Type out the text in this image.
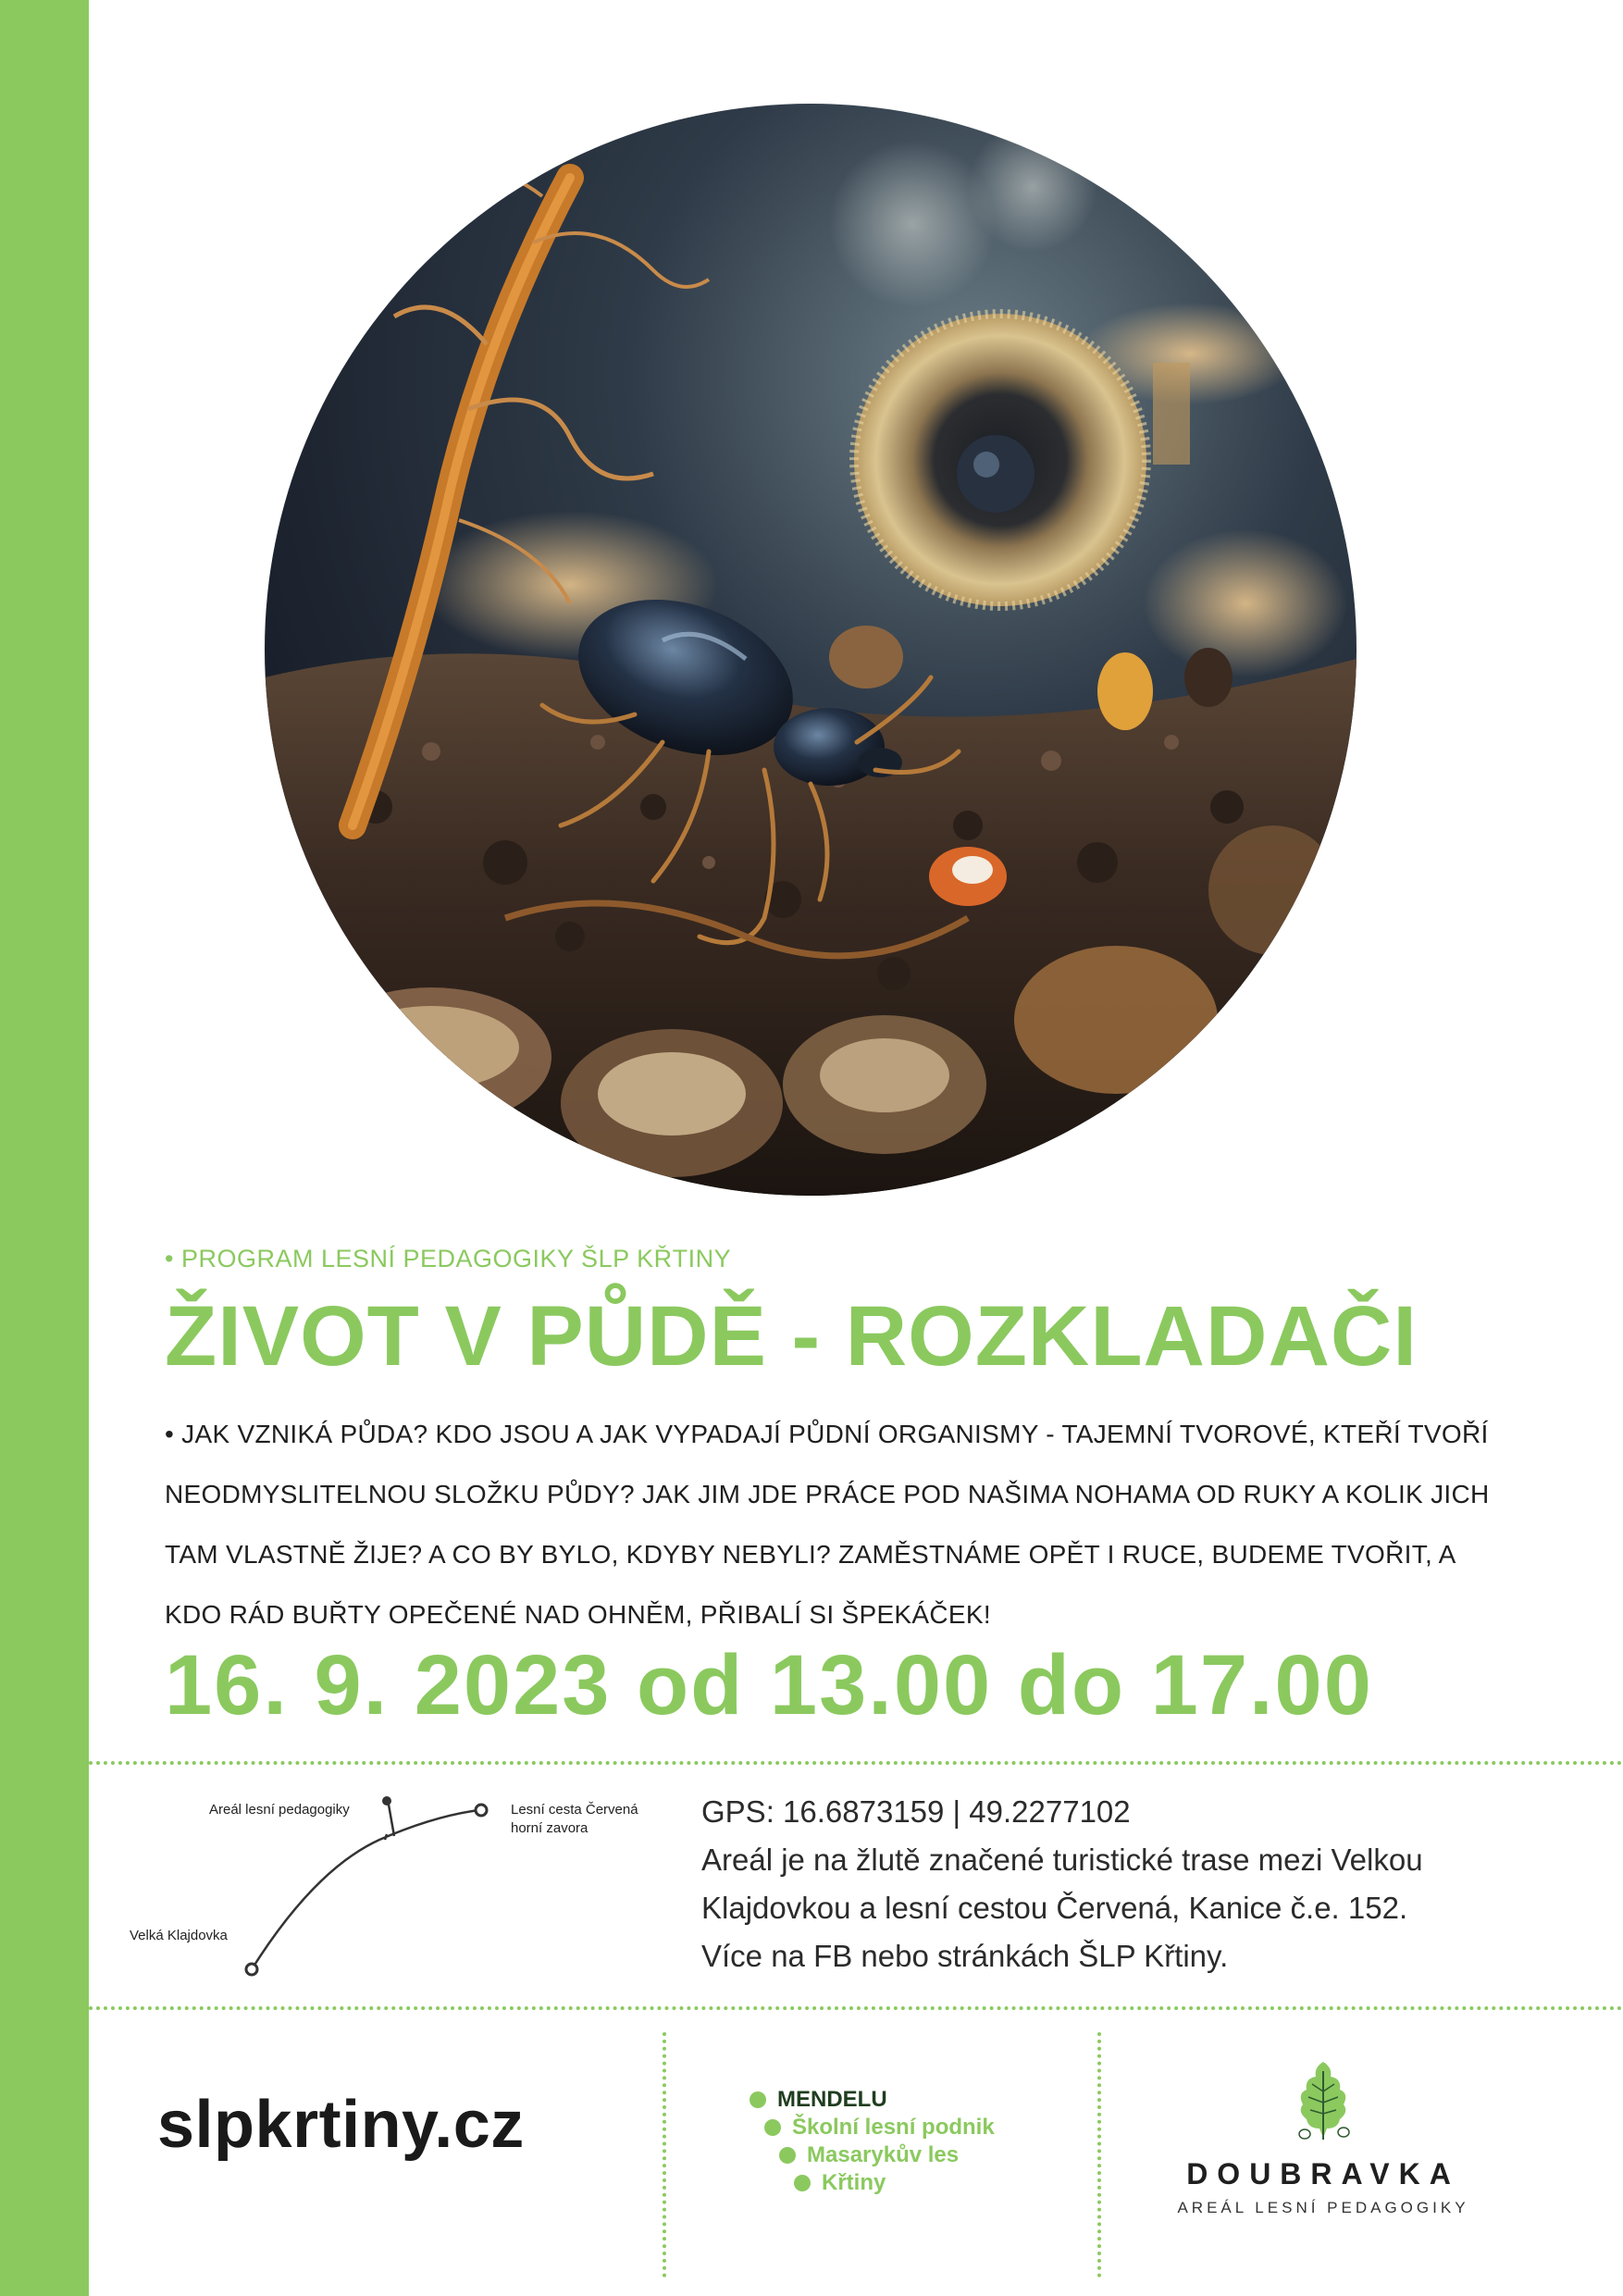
• PROGRAM LESNÍ PEDAGOGIKY ŠLP KŘTINY
ŽIVOT V PŮDĚ - ROZKLADAČI
• JAK VZNIKÁ PŮDA? KDO JSOU A JAK VYPADAJÍ PŮDNÍ ORGANISMY - TAJEMNÍ TVOROVÉ, KTEŘÍ TVOŘÍ NEODMYSLITELNOU SLOŽKU PŮDY? JAK JIM JDE PRÁCE POD NAŠIMA NOHAMA OD RUKY A KOLIK JICH TAM VLASTNĚ ŽIJE? A CO BY BYLO, KDYBY NEBYLI? ZAMĚSTNÁME OPĚT I RUCE, BUDEME TVOŘIT, A KDO RÁD BUŘTY OPEČENÉ NAD OHNĚM, PŘIBALÍ SI ŠPEKÁČEK!
16. 9. 2023 od 13.00 do 17.00
Areál lesní pedagogiky	Lesní cesta Červená
horní zavora
Velká Klajdovka
GPS: 16.6873159 | 49.2277102
Areál je na žlutě značené turistické trase mezi Velkou
Klajdovkou a lesní cestou Červená, Kanice č.e. 152.
Více na FB nebo stránkách ŠLP Křtiny.
slpkrtiny.cz	MENDELU
Školní lesní podnik
Masarykův les
Křtiny	DOUBRAVKA
AREÁL LESNÍ PEDAGOGIKY
